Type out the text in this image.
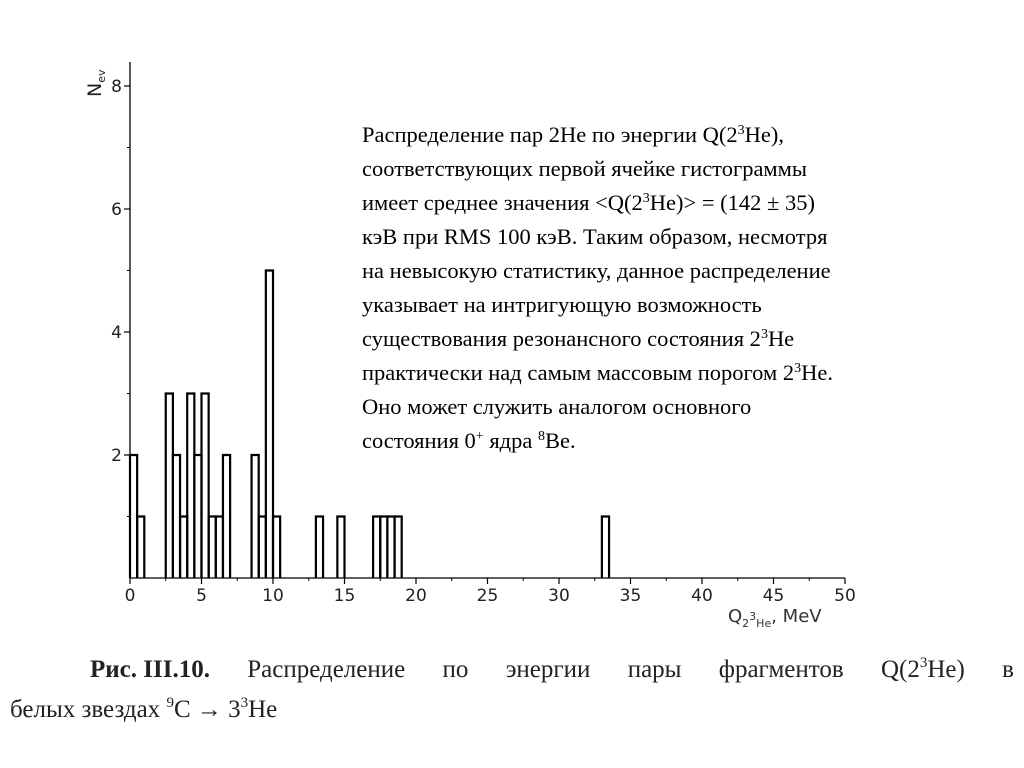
0	5	10	15	20	25	30	35	40	45	50
2
4
6
8
$N_{ev}$
$Q_2^3_{He}$, MeV
Распределение пар 2He по энергии $Q(2^3He)$,
соответствующих первой ячейке гистограммы
имеет среднее значения $<Q(2^3He)> = (142 \pm 35)$
кэВ при RMS 100 кэВ. Таким образом, несмотря
на невысокую статистику, данное распределение
указывает на интригующую возможность
существования резонансного состояния $2^3He$
практически над самым массовым порогом $2^3He$.
Оно может служить аналогом основного
состояния 0+ ядра $^8$Be.
Рис. III.10. Распределение по энергии пары фрагментов $Q(2^3He)$ в
белых звездах $^9C \to 3^3He$
